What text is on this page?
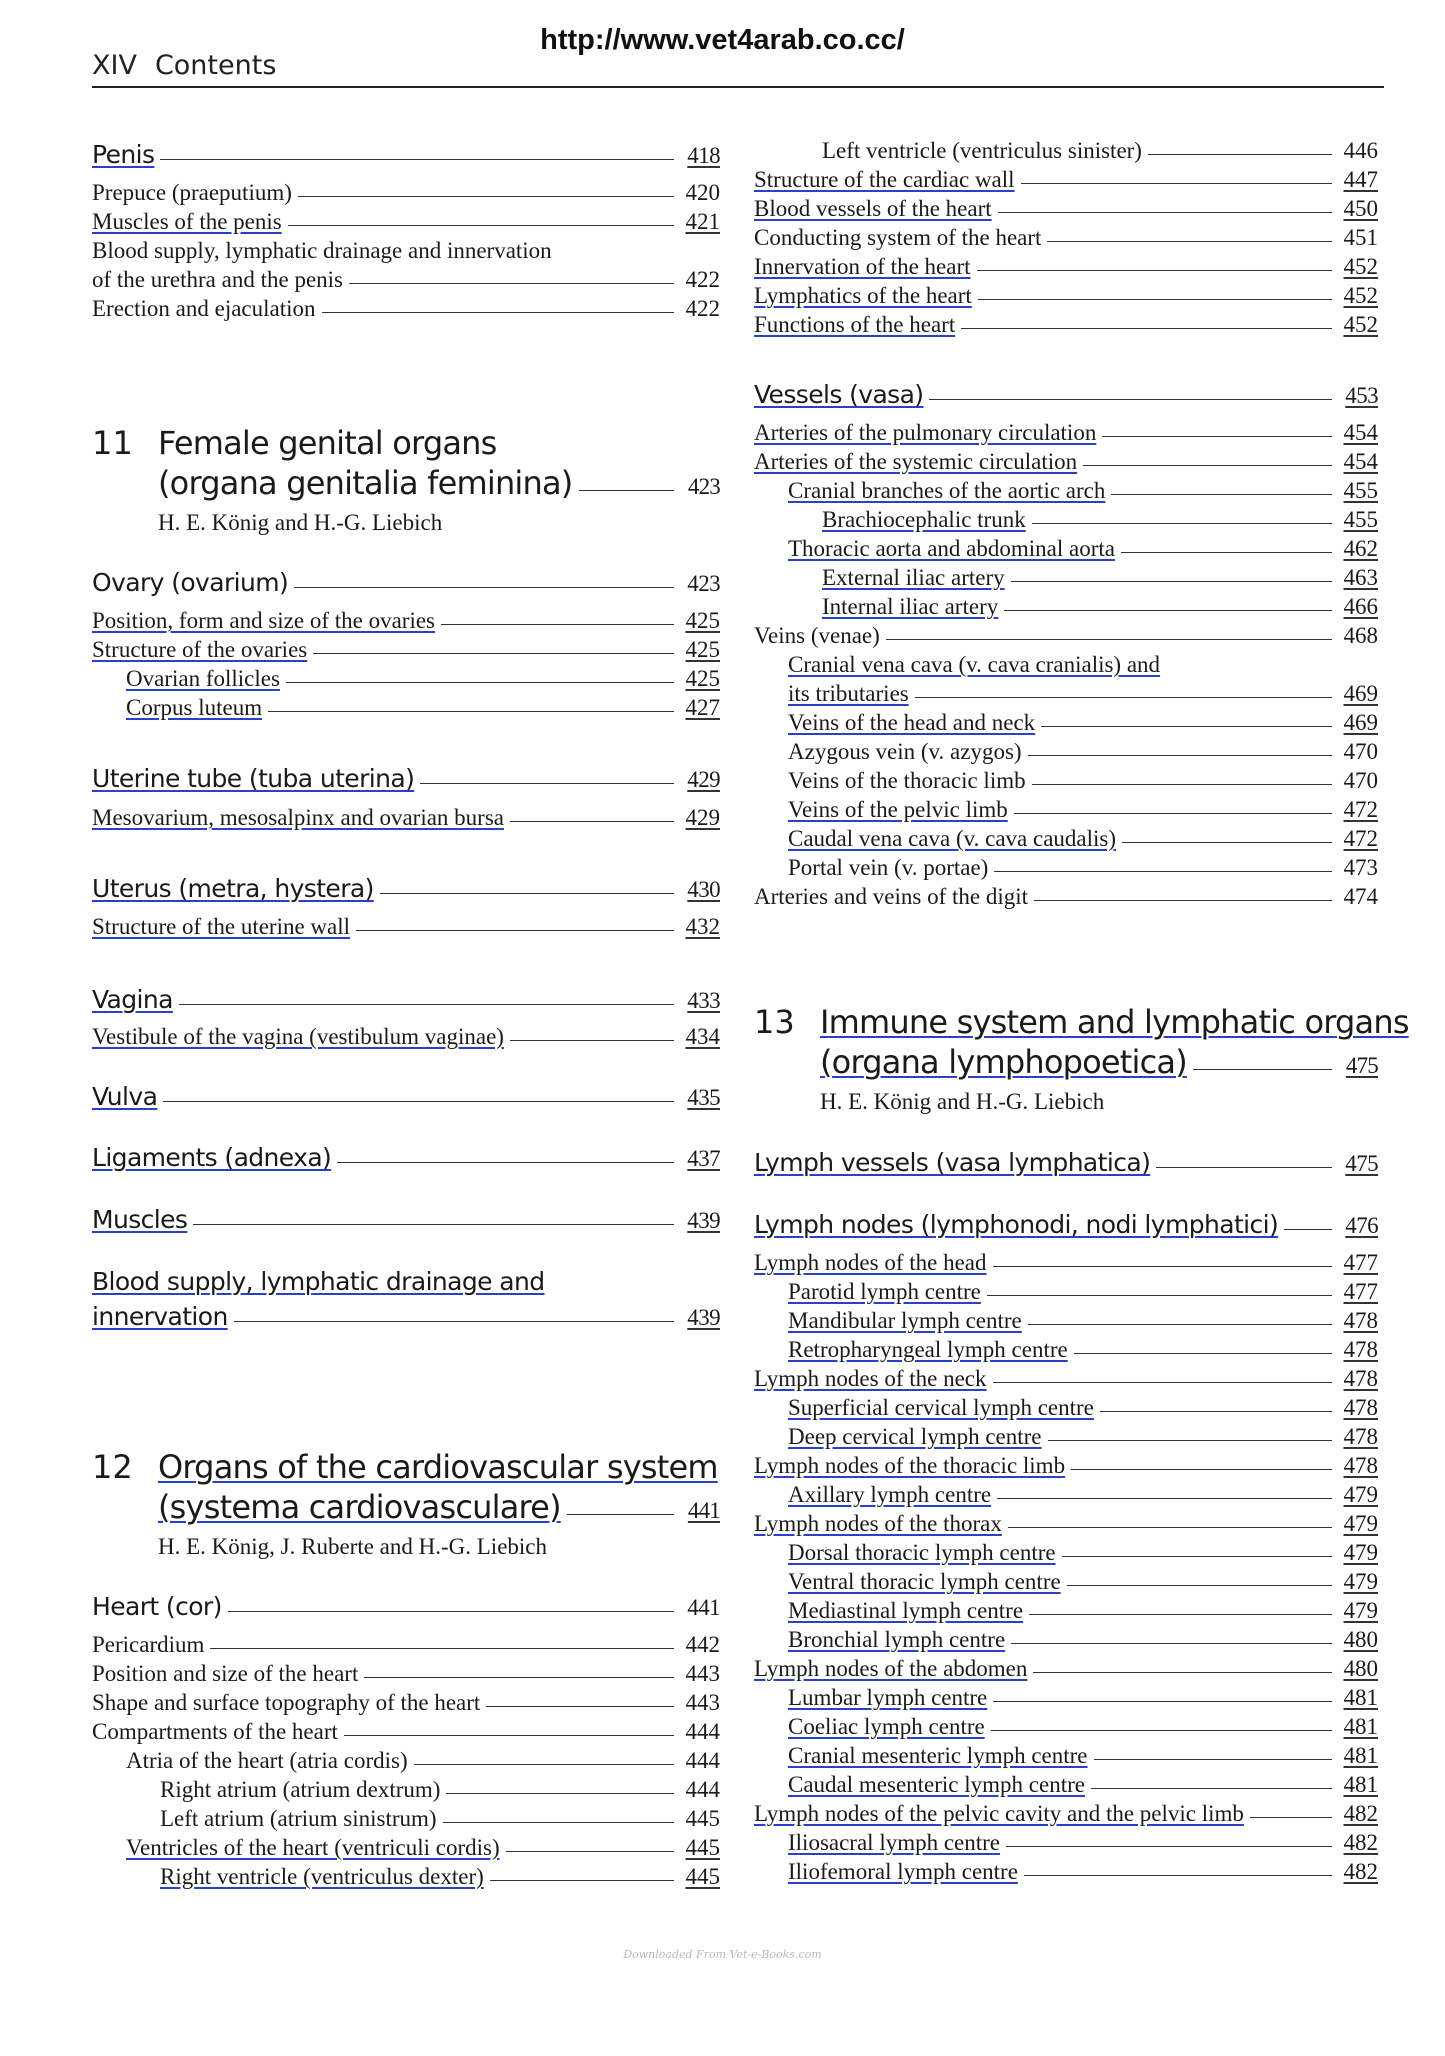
http://www.vet4arab.co.cc/
XIV Contents
Penis	418
Prepuce (praeputium)	420
Muscles of the penis	421
Blood supply, lymphatic drainage and innervation
of the urethra and the penis	422
Erection and ejaculation	422
11 Female genital organs
(organa genitalia feminina)	423
H. E. König and H.-G. Liebich
Ovary (ovarium)	423
Position, form and size of the ovaries	425
Structure of the ovaries	425
Ovarian follicles	425
Corpus luteum	427
Uterine tube (tuba uterina)	429
Mesovarium, mesosalpinx and ovarian bursa	429
Uterus (metra, hystera)	430
Structure of the uterine wall	432
Vagina	433
Vestibule of the vagina (vestibulum vaginae)	434
Vulva	435
Ligaments (adnexa)	437
Muscles	439
Blood supply, lymphatic drainage and
innervation	439
12 Organs of the cardiovascular system
(systema cardiovasculare)	441
H. E. König, J. Ruberte and H.-G. Liebich
Heart (cor)	441
Pericardium	442
Position and size of the heart	443
Shape and surface topography of the heart	443
Compartments of the heart	444
Atria of the heart (atria cordis)	444
Right atrium (atrium dextrum)	444
Left atrium (atrium sinistrum)	445
Ventricles of the heart (ventriculi cordis)	445
Right ventricle (ventriculus dexter)	445
Left ventricle (ventriculus sinister)	446
Structure of the cardiac wall	447
Blood vessels of the heart	450
Conducting system of the heart	451
Innervation of the heart	452
Lymphatics of the heart	452
Functions of the heart	452
Vessels (vasa)	453
Arteries of the pulmonary circulation	454
Arteries of the systemic circulation	454
Cranial branches of the aortic arch	455
Brachiocephalic trunk	455
Thoracic aorta and abdominal aorta	462
External iliac artery	463
Internal iliac artery	466
Veins (venae)	468
Cranial vena cava (v. cava cranialis) and
its tributaries	469
Veins of the head and neck	469
Azygous vein (v. azygos)	470
Veins of the thoracic limb	470
Veins of the pelvic limb	472
Caudal vena cava (v. cava caudalis)	472
Portal vein (v. portae)	473
Arteries and veins of the digit	474
13 Immune system and lymphatic organs
(organa lymphopoetica)	475
H. E. König and H.-G. Liebich
Lymph vessels (vasa lymphatica)	475
Lymph nodes (lymphonodi, nodi lymphatici)	476
Lymph nodes of the head	477
Parotid lymph centre	477
Mandibular lymph centre	478
Retropharyngeal lymph centre	478
Lymph nodes of the neck	478
Superficial cervical lymph centre	478
Deep cervical lymph centre	478
Lymph nodes of the thoracic limb	478
Axillary lymph centre	479
Lymph nodes of the thorax	479
Dorsal thoracic lymph centre	479
Ventral thoracic lymph centre	479
Mediastinal lymph centre	479
Bronchial lymph centre	480
Lymph nodes of the abdomen	480
Lumbar lymph centre	481
Coeliac lymph centre	481
Cranial mesenteric lymph centre	481
Caudal mesenteric lymph centre	481
Lymph nodes of the pelvic cavity and the pelvic limb	482
Iliosacral lymph centre	482
Iliofemoral lymph centre	482
Downloaded From Vet-e-Books.com
